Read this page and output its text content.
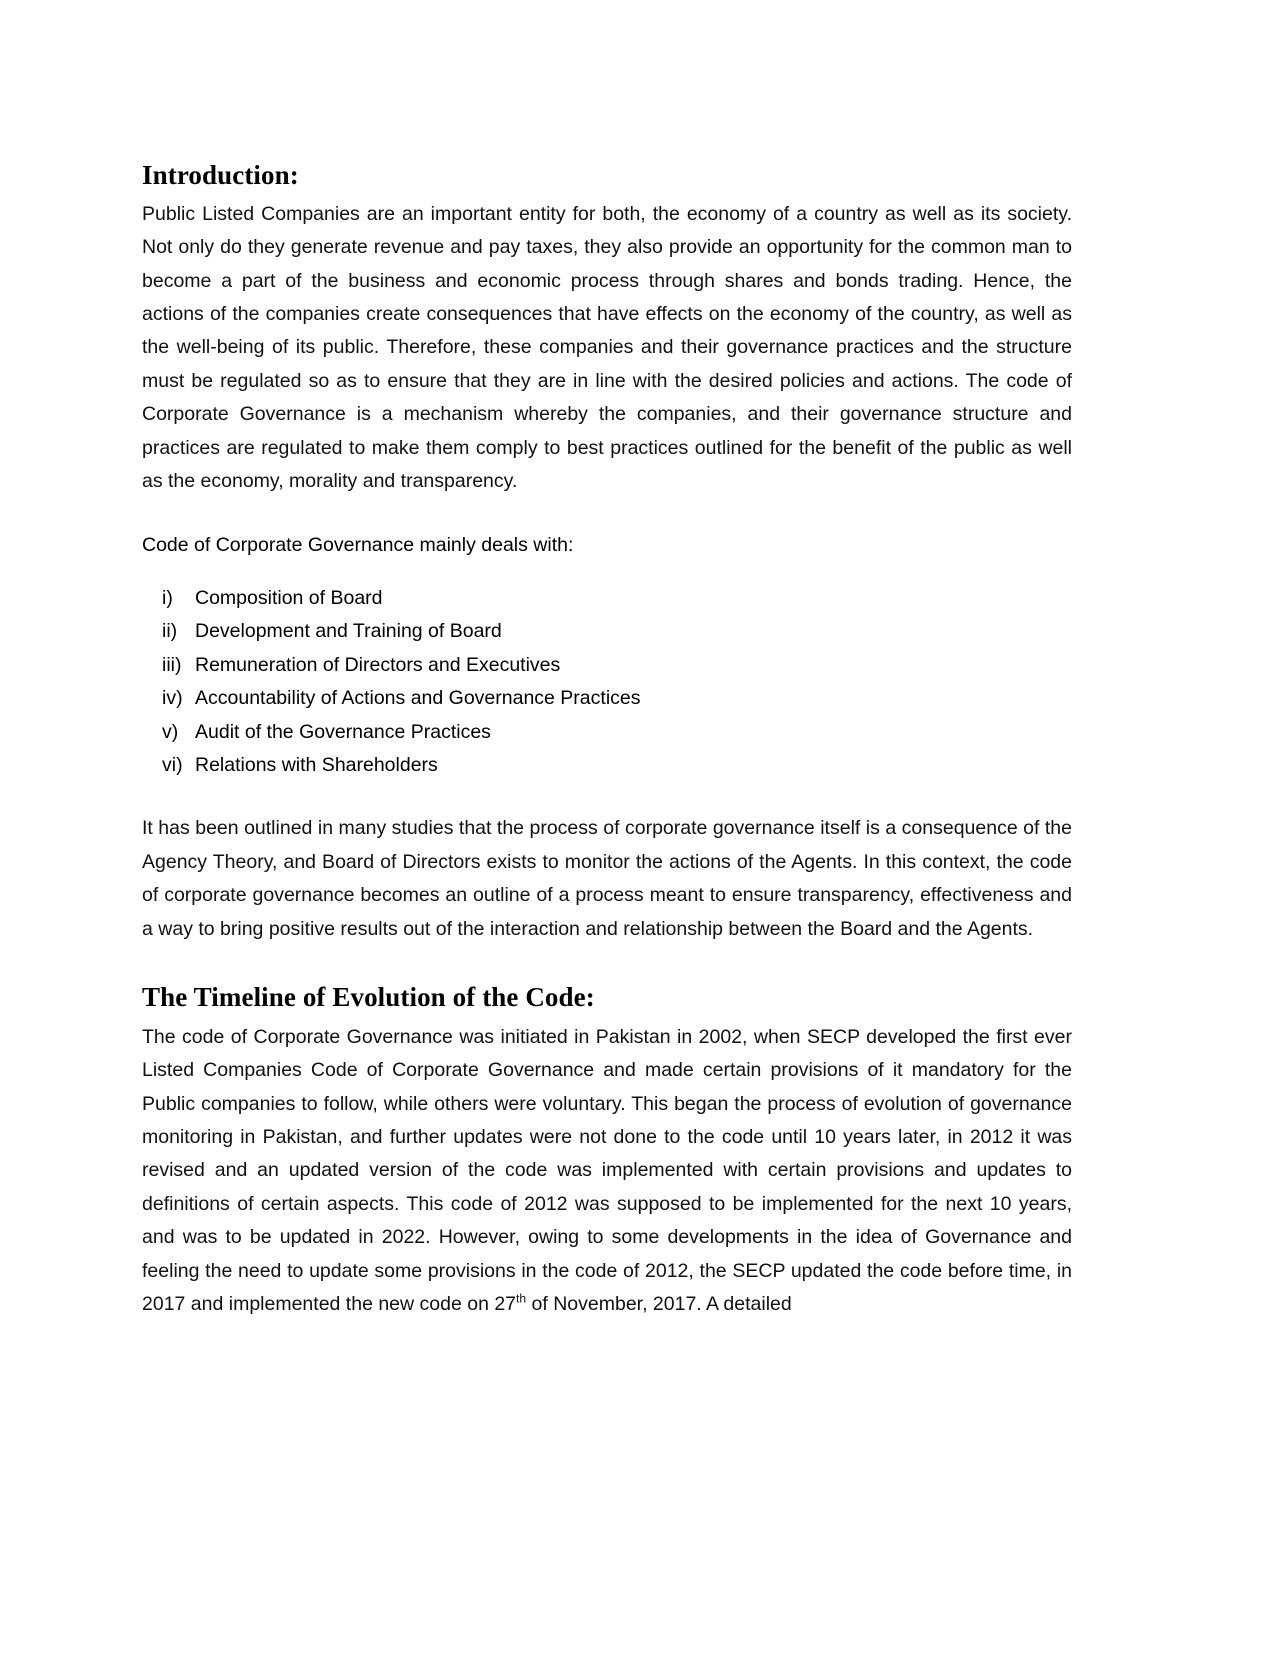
Introduction:

Public Listed Companies are an important entity for both, the economy of a country as well as its society. Not only do they generate revenue and pay taxes, they also provide an opportunity for the common man to become a part of the business and economic process through shares and bonds trading. Hence, the actions of the companies create consequences that have effects on the economy of the country, as well as the well-being of its public. Therefore, these companies and their governance practices and the structure must be regulated so as to ensure that they are in line with the desired policies and actions. The code of Corporate Governance is a mechanism whereby the companies, and their governance structure and practices are regulated to make them comply to best practices outlined for the benefit of the public as well as the economy, morality and transparency.

Code of Corporate Governance mainly deals with:

i)	Composition of Board
ii) Development and Training of Board
iii) Remuneration of Directors and Executives
iv) Accountability of Actions and Governance Practices
v) Audit of the Governance Practices
vi) Relations with Shareholders

It has been outlined in many studies that the process of corporate governance itself is a consequence of the Agency Theory, and Board of Directors exists to monitor the actions of the Agents. In this context, the code of corporate governance becomes an outline of a process meant to ensure transparency, effectiveness and a way to bring positive results out of the interaction and relationship between the Board and the Agents.

The Timeline of Evolution of the Code:

The code of Corporate Governance was initiated in Pakistan in 2002, when SECP developed the first ever Listed Companies Code of Corporate Governance and made certain provisions of it mandatory for the Public companies to follow, while others were voluntary. This began the process of evolution of governance monitoring in Pakistan, and further updates were not done to the code until 10 years later, in 2012 it was revised and an updated version of the code was implemented with certain provisions and updates to definitions of certain aspects. This code of 2012 was supposed to be implemented for the next 10 years, and was to be updated in 2022. However, owing to some developments in the idea of Governance and feeling the need to update some provisions in the code of 2012, the SECP updated the code before time, in 2017 and implemented the new code on 27th of November, 2017. A detailed
